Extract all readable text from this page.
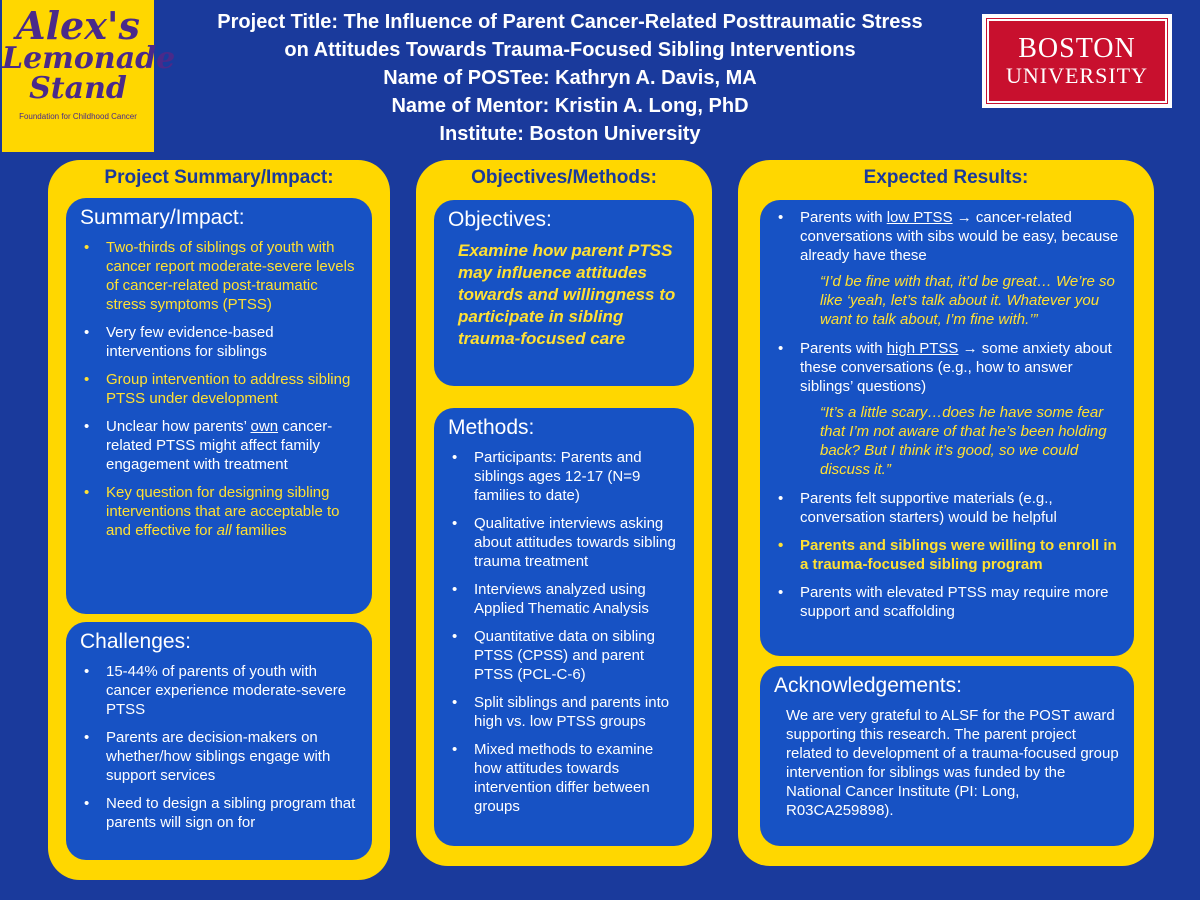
Alex's
Lemonade
Stand
Foundation for Childhood Cancer
BOSTON
UNIVERSITY
Project Title: The Influence of Parent Cancer-Related Posttraumatic Stress
on Attitudes Towards Trauma-Focused Sibling Interventions
Name of POSTee: Kathryn A. Davis, MA
Name of Mentor: Kristin A. Long, PhD
Institute: Boston University
Project Summary/Impact:
Summary/Impact:
• Two-thirds of siblings of youth with cancer report moderate-severe levels of cancer-related post-traumatic stress symptoms (PTSS)
• Very few evidence-based interventions for siblings
• Group intervention to address sibling PTSS under development
• Unclear how parents’ own cancer-related PTSS might affect family engagement with treatment
• Key question for designing sibling interventions that are acceptable to and effective for all families
Challenges:
• 15-44% of parents of youth with cancer experience moderate-severe PTSS
• Parents are decision-makers on whether/how siblings engage with support services
• Need to design a sibling program that parents will sign on for
Objectives/Methods:
Objectives:
Examine how parent PTSS may influence attitudes towards and willingness to participate in sibling trauma-focused care
Methods:
• Participants: Parents and siblings ages 12-17 (N=9 families to date)
• Qualitative interviews asking about attitudes towards sibling trauma treatment
• Interviews analyzed using Applied Thematic Analysis
• Quantitative data on sibling PTSS (CPSS) and parent PTSS (PCL-C-6)
• Split siblings and parents into high vs. low PTSS groups
• Mixed methods to examine how attitudes towards intervention differ between groups
Expected Results:
• Parents with low PTSS → cancer-related conversations with sibs would be easy, because already have these
“I’d be fine with that, it’d be great… We’re so like ‘yeah, let’s talk about it. Whatever you want to talk about, I’m fine with.’”
• Parents with high PTSS → some anxiety about these conversations (e.g., how to answer siblings’ questions)
“It’s a little scary…does he have some fear that I’m not aware of that he’s been holding back? But I think it’s good, so we could discuss it.”
• Parents felt supportive materials (e.g., conversation starters) would be helpful
• Parents and siblings were willing to enroll in a trauma-focused sibling program
• Parents with elevated PTSS may require more support and scaffolding
Acknowledgements:
We are very grateful to ALSF for the POST award supporting this research. The parent project related to development of a trauma-focused group intervention for siblings was funded by the National Cancer Institute (PI: Long, R03CA259898).
